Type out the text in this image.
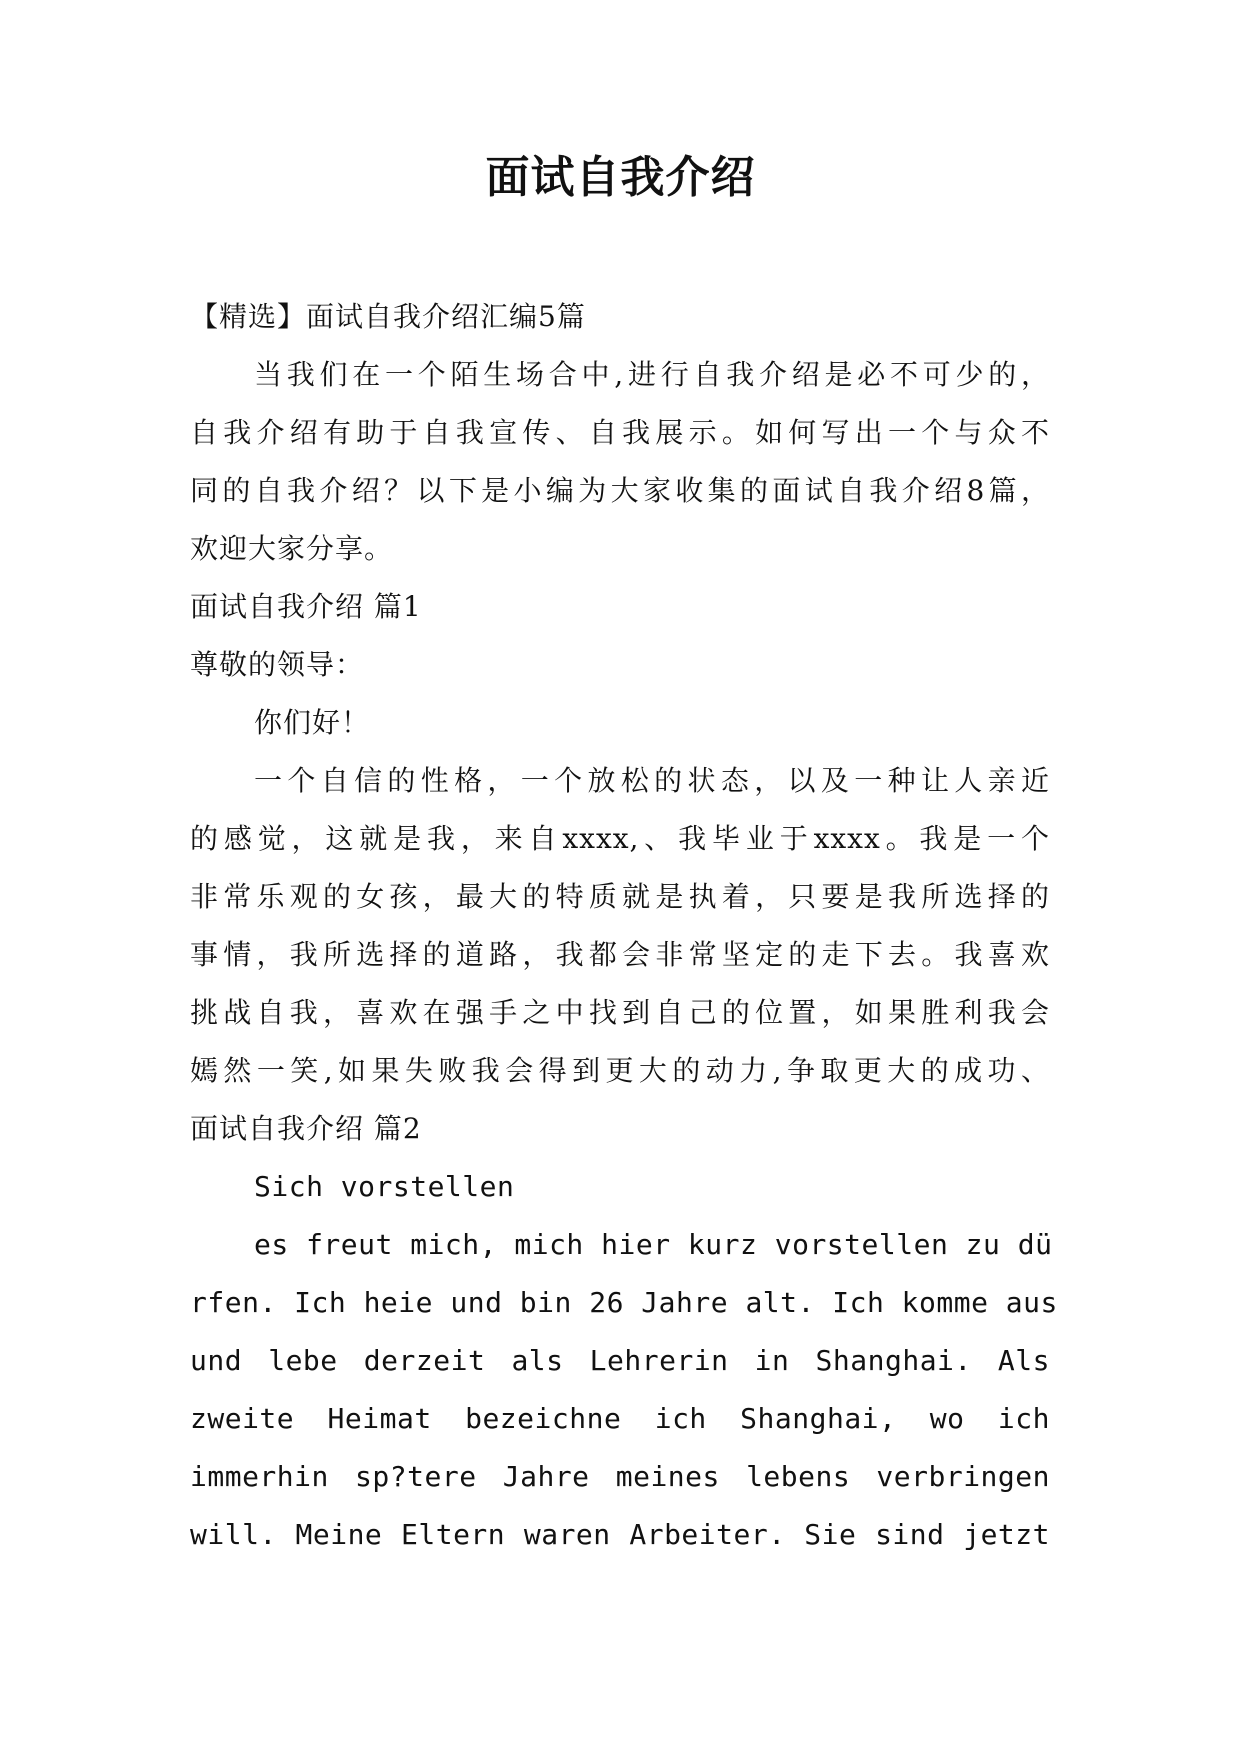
面试自我介绍
【精选】面试自我介绍汇编5篇
当我们在一个陌生场合中,进行自我介绍是必不可少的，
自我介绍有助于自我宣传、自我展示。如何写出一个与众不
同的自我介绍？以下是小编为大家收集的面试自我介绍8篇，
欢迎大家分享。
面试自我介绍 篇1
尊敬的领导：
你们好！
一个自信的性格，一个放松的状态，以及一种让人亲近
的感觉，这就是我，来自xxxx,、我毕业于xxxx。我是一个
非常乐观的女孩，最大的特质就是执着，只要是我所选择的
事情，我所选择的道路，我都会非常坚定的走下去。我喜欢
挑战自我，喜欢在强手之中找到自己的位置，如果胜利我会
嫣然一笑,如果失败我会得到更大的动力,争取更大的成功、
面试自我介绍 篇2
Sich vorstellen
es freut mich, mich hier kurz vorstellen zu dü
rfen. Ich heie und bin 26 Jahre alt. Ich komme aus
und lebe derzeit als Lehrerin in Shanghai. Als
zweite Heimat bezeichne ich Shanghai, wo ich
immerhin sp?tere Jahre meines lebens verbringen
will. Meine Eltern waren Arbeiter. Sie sind jetzt
